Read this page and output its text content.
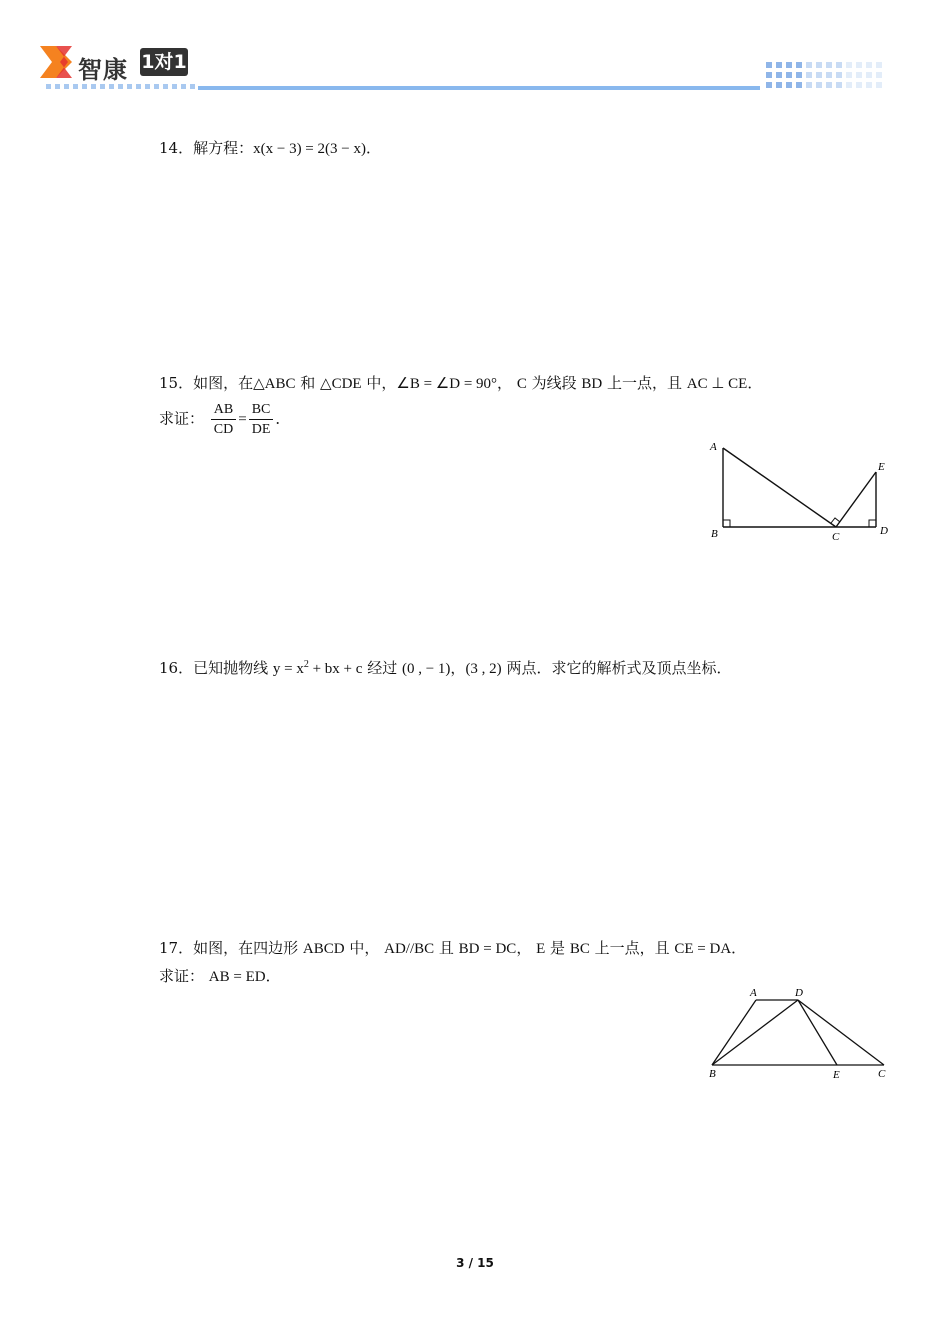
智康 1对1
14．解方程：x(x − 3) = 2(3 − x)．
15．如图，在△ABC 和 △CDE 中，∠B = ∠D = 90°， C 为线段 BD 上一点，且 AC ⊥ CE．
求证： $\frac{AB}{CD} = \frac{BC}{DE}$ ．
A
B	C	D
E
16．已知抛物线 $y = x^2$ + bx + c 经过 (0 , − 1)，(3 , 2) 两点．求它的解析式及顶点坐标．
17．如图，在四边形 ABCD 中， AD//BC 且 BD = DC， E 是 BC 上一点，且 CE = DA．
求证： AB = ED．
A	D
B	E	C
3 / 15
